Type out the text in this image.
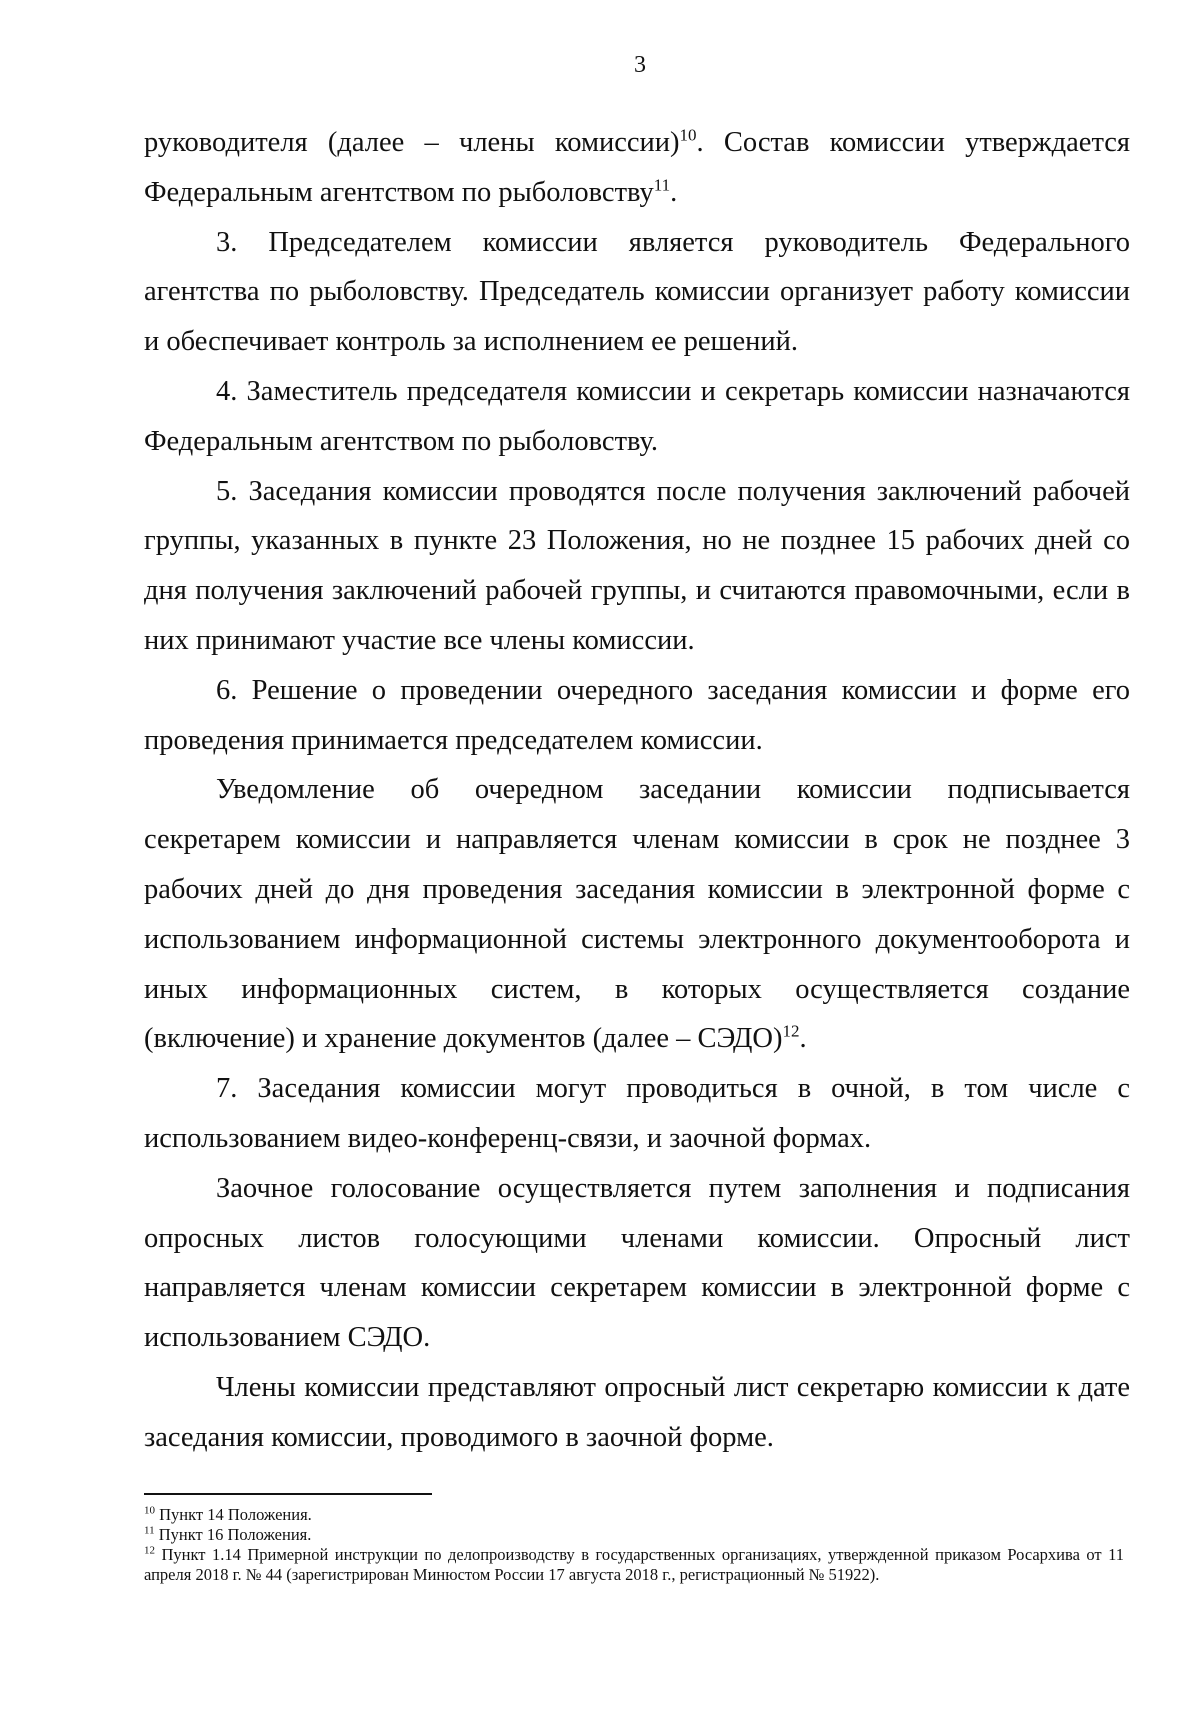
3

руководителя (далее – члены комиссии)$^{10}$. Состав комиссии утверждается Федеральным агентством по рыболовству$^{11}$.

3. Председателем комиссии является руководитель Федерального агентства по рыболовству. Председатель комиссии организует работу комиссии и обеспечивает контроль за исполнением ее решений.

4. Заместитель председателя комиссии и секретарь комиссии назначаются Федеральным агентством по рыболовству.

5. Заседания комиссии проводятся после получения заключений рабочей группы, указанных в пункте 23 Положения, но не позднее 15 рабочих дней со дня получения заключений рабочей группы, и считаются правомочными, если в них принимают участие все члены комиссии.

6. Решение о проведении очередного заседания комиссии и форме его проведения принимается председателем комиссии.

Уведомление об очередном заседании комиссии подписывается секретарем комиссии и направляется членам комиссии в срок не позднее 3 рабочих дней до дня проведения заседания комиссии в электронной форме с использованием информационной системы электронного документооборота и иных информационных систем, в которых осуществляется создание (включение) и хранение документов (далее – СЭДО)$^{12}$.

7. Заседания комиссии могут проводиться в очной, в том числе с использованием видео-конференц-связи, и заочной формах.

Заочное голосование осуществляется путем заполнения и подписания опросных листов голосующими членами комиссии. Опросный лист направляется членам комиссии секретарем комиссии в электронной форме с использованием СЭДО.

Члены комиссии представляют опросный лист секретарю комиссии к дате заседания комиссии, проводимого в заочной форме.

$^{10}$ Пункт 14 Положения.

$^{11}$ Пункт 16 Положения.

$^{12}$ Пункт 1.14 Примерной инструкции по делопроизводству в государственных организациях, утвержденной приказом Росархива от 11 апреля 2018 г. № 44 (зарегистрирован Минюстом России 17 августа 2018 г., регистрационный № 51922).
